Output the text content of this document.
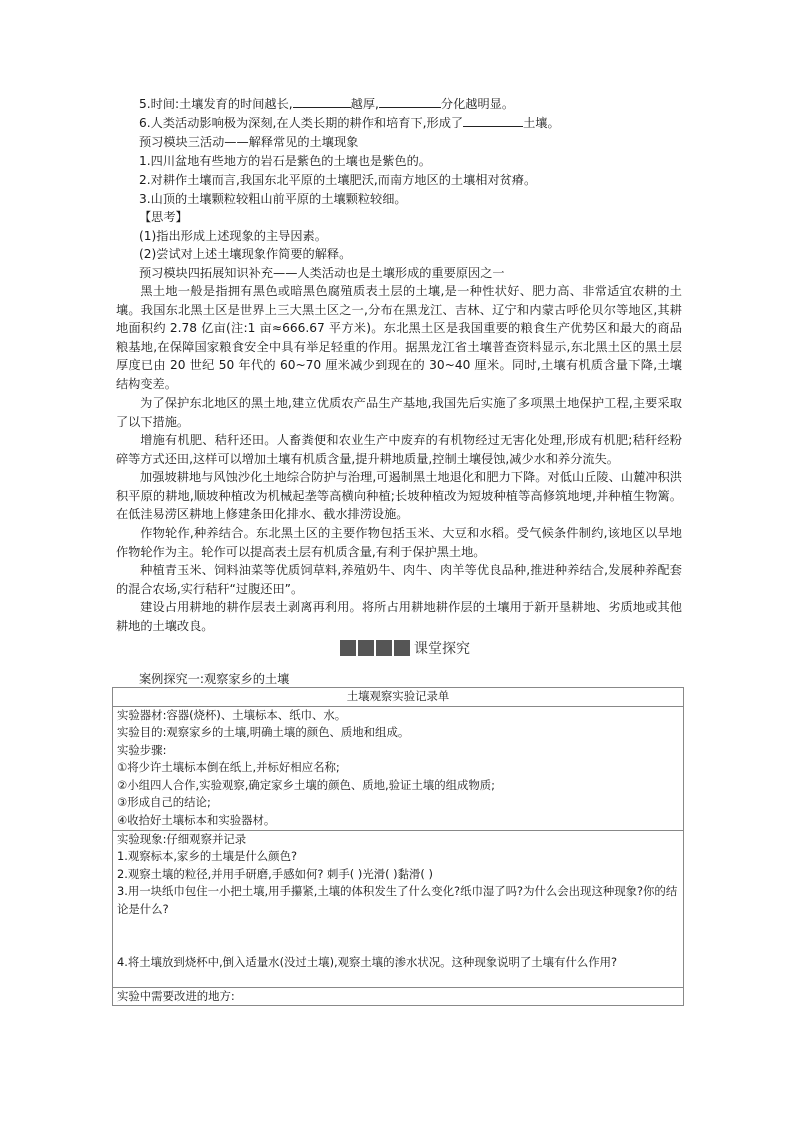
5.时间:土壤发育的时间越长,	越厚,	分化越明显。
6.人类活动影响极为深刻,在人类长期的耕作和培育下,形成了	土壤。
预习模块三活动——解释常见的土壤现象
1.四川盆地有些地方的岩石是紫色的土壤也是紫色的。
2.对耕作土壤而言,我国东北平原的土壤肥沃,而南方地区的土壤相对贫瘠。
3.山顶的土壤颗粒较粗山前平原的土壤颗粒较细。
【思考】
(1)指出形成上述现象的主导因素。
(2)尝试对上述土壤现象作简要的解释。
预习模块四拓展知识补充——人类活动也是土壤形成的重要原因之一
黑土地一般是指拥有黑色或暗黑色腐殖质表土层的土壤,是一种性状好、肥力高、非常适宜农耕的土壤。我国东北黑土区是世界上三大黑土区之一,分布在黑龙江、吉林、辽宁和内蒙古呼伦贝尔等地区,其耕地面积约 2.78 亿亩(注:1 亩≈666.67 平方米)。东北黑土区是我国重要的粮食生产优势区和最大的商品粮基地,在保障国家粮食安全中具有举足轻重的作用。据黑龙江省土壤普查资料显示,东北黑土区的黑土层厚度已由 20 世纪 50 年代的 60~70 厘米减少到现在的 30~40 厘米。同时,土壤有机质含量下降,土壤结构变差。
为了保护东北地区的黑土地,建立优质农产品生产基地,我国先后实施了多项黑土地保护工程,主要采取了以下措施。
增施有机肥、秸秆还田。人畜粪便和农业生产中废弃的有机物经过无害化处理,形成有机肥;秸秆经粉碎等方式还田,这样可以增加土壤有机质含量,提升耕地质量,控制土壤侵蚀,减少水和养分流失。
加强坡耕地与风蚀沙化土地综合防护与治理,可遏制黑土地退化和肥力下降。对低山丘陵、山麓冲积洪积平原的耕地,顺坡种植改为机械起垄等高横向种植;长坡种植改为短坡种植等高修筑地埂,并种植生物篱。在低洼易涝区耕地上修建条田化排水、截水排涝设施。
作物轮作,种养结合。东北黑土区的主要作物包括玉米、大豆和水稻。受气候条件制约,该地区以旱地作物轮作为主。轮作可以提高表土层有机质含量,有利于保护黑土地。
种植青玉米、饲料油菜等优质饲草料,养殖奶牛、肉牛、肉羊等优良品种,推进种养结合,发展种养配套的混合农场,实行秸秆“过腹还田”。
建设占用耕地的耕作层表土剥离再利用。将所占用耕地耕作层的土壤用于新开垦耕地、劣质地或其他耕地的土壤改良。
课堂探究
案例探究一:观察家乡的土壤
土壤观察实验记录单

实验器材:容器(烧杯)、土壤标本、纸巾、水。
实验目的:观察家乡的土壤,明确土壤的颜色、质地和组成。
实验步骤:
①将少许土壤标本倒在纸上,并标好相应名称;
②小组四人合作,实验观察,确定家乡土壤的颜色、质地,验证土壤的组成物质;
③形成自己的结论;
④收拾好土壤标本和实验器材。

实验现象:仔细观察并记录
1.观察标本,家乡的土壤是什么颜色?
2.观察土壤的粒径,并用手研磨,手感如何? 刺手( )光滑( )黏滑( )
3.用一块纸巾包住一小把土壤,用手攥紧,土壤的体积发生了什么变化?纸巾湿了吗?为什么会出现这种现象?你的结论是什么?
4.将土壤放到烧杯中,倒入适量水(没过土壤),观察土壤的渗水状况。这种现象说明了土壤有什么作用?

实验中需要改进的地方:
